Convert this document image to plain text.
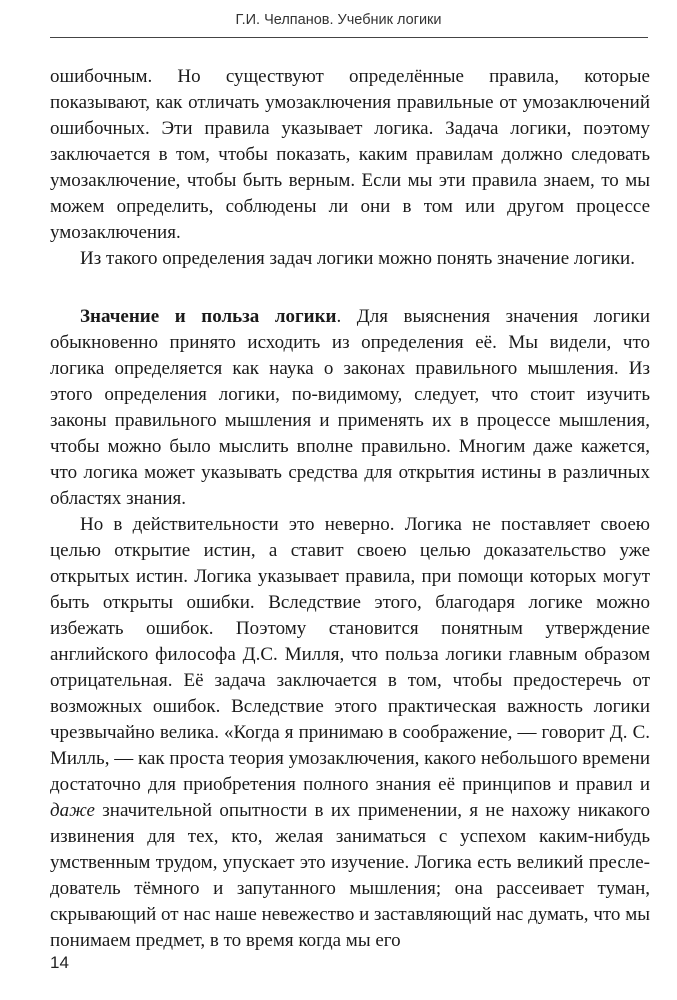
Г.И. Челпанов. Учебник логики

ошибочным. Но существуют определённые правила, которые показывают, как отличать умозаключения правильные от умозаключений ошибочных. Эти правила указывает логика. Задача логики, поэтому заключается в том, чтобы показать, каким правилам должно следовать умозаключение, чтобы быть верным. Если мы эти правила знаем, то мы можем определить, соблюдены ли они в том или другом процессе умозаключения.

Из такого определения задач логики можно понять значение логики.

Значение и польза логики. Для выяснения значения логики обыкновенно принято исходить из определения её. Мы видели, что логика определяется как наука о законах правильного мышления. Из этого определения логики, по-видимому, следует, что стоит изучить законы правильного мышления и применять их в процессе мышления, чтобы можно было мыслить вполне правильно. Многим даже кажется, что логика может указывать средства для открытия истины в различных областях знания.

Но в действительности это неверно. Логика не поставляет своею целью открытие истин, а ставит своею целью доказательство уже открытых истин. Логика указывает правила, при помощи которых могут быть открыты ошибки. Вследствие этого, благодаря логике можно избежать ошибок. Поэтому становится понятным утверждение английского философа Д.С. Милля, что польза логики главным образом отрицательная. Её задача заключается в том, чтобы предостеречь от возможных ошибок. Вследствие этого практическая важность логики чрезвычайно велика. «Когда я принимаю в соображение, — говорит Д. С. Милль, — как проста теория умозаключения, какого небольшого времени достаточно для приобретения полного знания её принципов и правил и даже значительной опытности в их применении, я не нахожу никакого извинения для тех, кто, желая заниматься с успехом каким-нибудь умственным трудом, упускает это изучение. Логика есть великий преследователь тёмного и запутанного мышления; она рассеивает туман, скрывающий от нас наше невежество и заставляющий нас думать, что мы понимаем предмет, в то время когда мы его

14
